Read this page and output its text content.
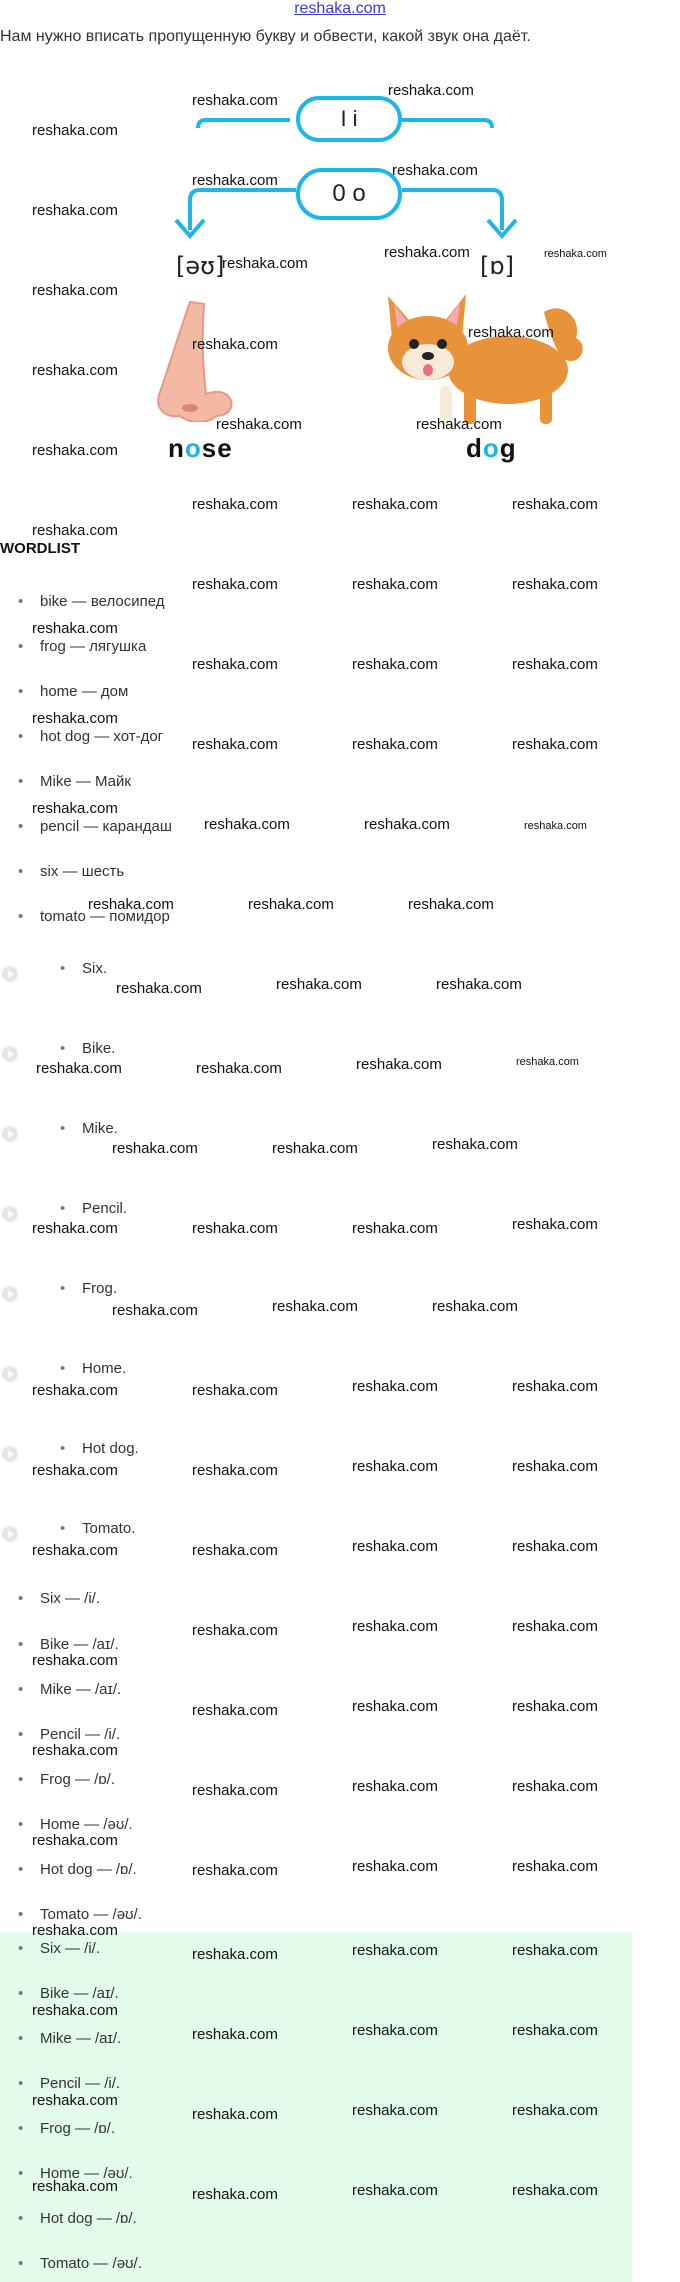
reshaka.com
Нам нужно вписать пропущенную букву и обвести, какой звук она даёт.
I i
0 o
[əʊ]	[ɒ]
nose	dog
WORDLIST
• bike — велосипед
• frog — лягушка
• home — дом
• hot dog — хот-дог
• Mike — Майк
• pencil — карандаш
• six — шесть
• tomato — помидор
• Six.
• Bike.
• Mike.
• Pencil.
• Frog.
• Home.
• Hot dog.
• Tomato.
• Six — /i/.
• Bike — /aɪ/.
• Mike — /aɪ/.
• Pencil — /i/.
• Frog — /ɒ/.
• Home — /əʊ/.
• Hot dog — /ɒ/.
• Tomato — /əʊ/.
• Six — /i/.
• Bike — /aɪ/.
• Mike — /aɪ/.
• Pencil — /i/.
• Frog — /ɒ/.
• Home — /əʊ/.
• Hot dog — /ɒ/.
• Tomato — /əʊ/.
reshaka.com
reshaka.com
reshaka.com
reshaka.com
reshaka.com
reshaka.com
reshaka.com
reshaka.com
reshaka.com
reshaka.com
reshaka.com
reshaka.com
reshaka.com
reshaka.com
reshaka.com	reshaka.com
reshaka.com
reshaka.com
reshaka.com	reshaka.com
reshaka.com	reshaka.com	reshaka.com
reshaka.com	reshaka.com	reshaka.com
reshaka.com	reshaka.com	reshaka.com
reshaka.com	reshaka.com	reshaka.com
reshaka.com	reshaka.com	reshaka.com
reshaka.com	reshaka.com	reshaka.com
reshaka.com	reshaka.com	reshaka.com
reshaka.com	reshaka.com	reshaka.com	reshaka.com
reshaka.com	reshaka.com	reshaka.com
reshaka.com	reshaka.com	reshaka.com	reshaka.com
reshaka.com	reshaka.com	reshaka.com
reshaka.com	reshaka.com	reshaka.com	reshaka.com
reshaka.com	reshaka.com	reshaka.com	reshaka.com
reshaka.com	reshaka.com	reshaka.com	reshaka.com
reshaka.com	reshaka.com	reshaka.com
reshaka.com
reshaka.com	reshaka.com	reshaka.com
reshaka.com
reshaka.com	reshaka.com	reshaka.com
reshaka.com
reshaka.com	reshaka.com	reshaka.com
reshaka.com
reshaka.com	reshaka.com	reshaka.com
reshaka.com
reshaka.com	reshaka.com	reshaka.com
reshaka.com
reshaka.com	reshaka.com	reshaka.com
reshaka.com	reshaka.com	reshaka.com	reshaka.com
